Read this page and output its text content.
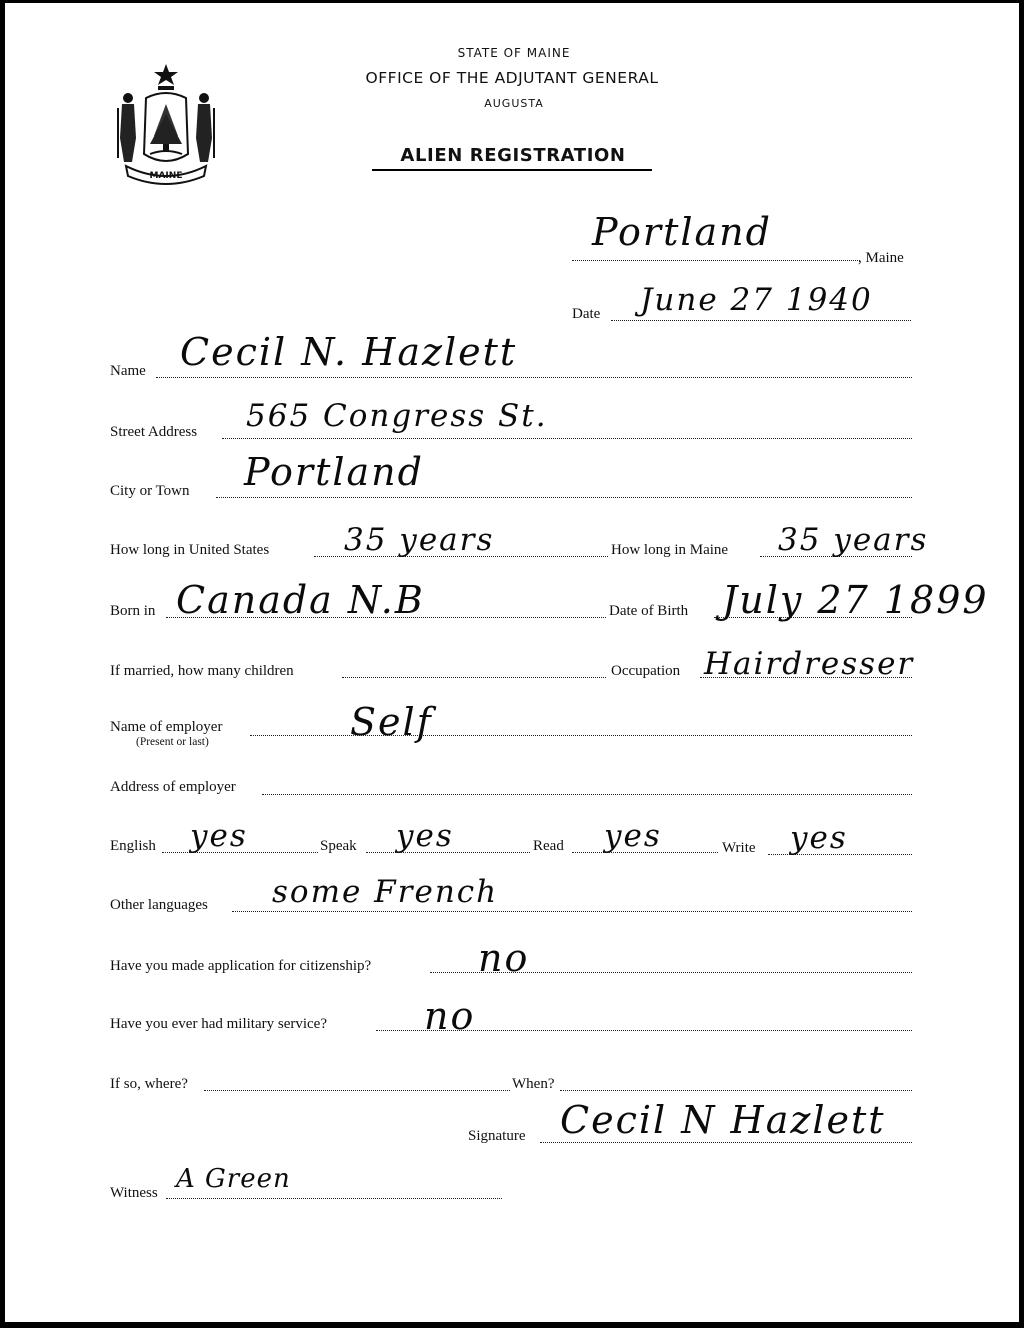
MAINE
STATE OF MAINE
OFFICE OF THE ADJUTANT GENERAL
AUGUSTA
ALIEN REGISTRATION
Portland
, Maine
Date June 27 1940
Name Cecil N. Hazlett
Street Address 565 Congress St.
City or Town Portland
How long in United States 35 years	How long in Maine 35 years
Born in Canada N.B	Date of Birth July 27 1899
If married, how many children	Occupation Hairdresser
Name of employer
(Present or last)	Self
Address of employer
English yes	Speak yes	Read yes	Write yes
Other languages some French
Have you made application for citizenship?	no
Have you ever had military service?	no
If so, where?	When?
Signature Cecil N Hazlett
Witness A Green
